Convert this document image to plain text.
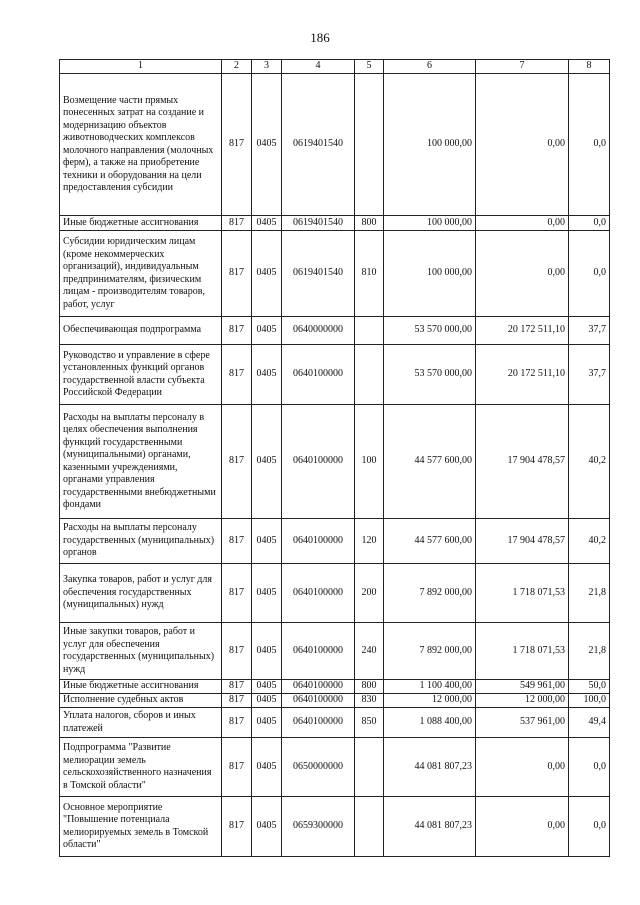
186
1	2	3	4	5	6	7	8
Возмещение части прямых понесенных затрат на создание и модернизацию объектов животноводческих комплексов молочного направления (молочных ферм), а также на приобретение техники и оборудования на цели предоставления субсидии	817	0405	0619401540		100 000,00	0,00	0,0
Иные бюджетные ассигнования	817	0405	0619401540	800	100 000,00	0,00	0,0
Субсидии юридическим лицам (кроме некоммерческих организаций), индивидуальным предпринимателям, физическим лицам - производителям товаров, работ, услуг	817	0405	0619401540	810	100 000,00	0,00	0,0
Обеспечивающая подпрограмма	817	0405	0640000000		53 570 000,00	20 172 511,10	37,7
Руководство и управление в сфере установленных функций органов государственной власти субъекта Российской Федерации	817	0405	0640100000		53 570 000,00	20 172 511,10	37,7
Расходы на выплаты персоналу в целях обеспечения выполнения функций государственными (муниципальными) органами, казенными учреждениями, органами управления государственными внебюджетными фондами	817	0405	0640100000	100	44 577 600,00	17 904 478,57	40,2
Расходы на выплаты персоналу государственных (муниципальных) органов	817	0405	0640100000	120	44 577 600,00	17 904 478,57	40,2
Закупка товаров, работ и услуг для обеспечения государственных (муниципальных) нужд	817	0405	0640100000	200	7 892 000,00	1 718 071,53	21,8
Иные закупки товаров, работ и услуг для обеспечения государственных (муниципальных) нужд	817	0405	0640100000	240	7 892 000,00	1 718 071,53	21,8
Иные бюджетные ассигнования	817	0405	0640100000	800	1 100 400,00	549 961,00	50,0
Исполнение судебных актов	817	0405	0640100000	830	12 000,00	12 000,00	100,0
Уплата налогов, сборов и иных платежей	817	0405	0640100000	850	1 088 400,00	537 961,00	49,4
Подпрограмма "Развитие мелиорации земель сельскохозяйственного назначения в Томской области"	817	0405	0650000000		44 081 807,23	0,00	0,0
Основное мероприятие "Повышение потенциала мелиорируемых земель в Томской области"	817	0405	0659300000		44 081 807,23	0,00	0,0
